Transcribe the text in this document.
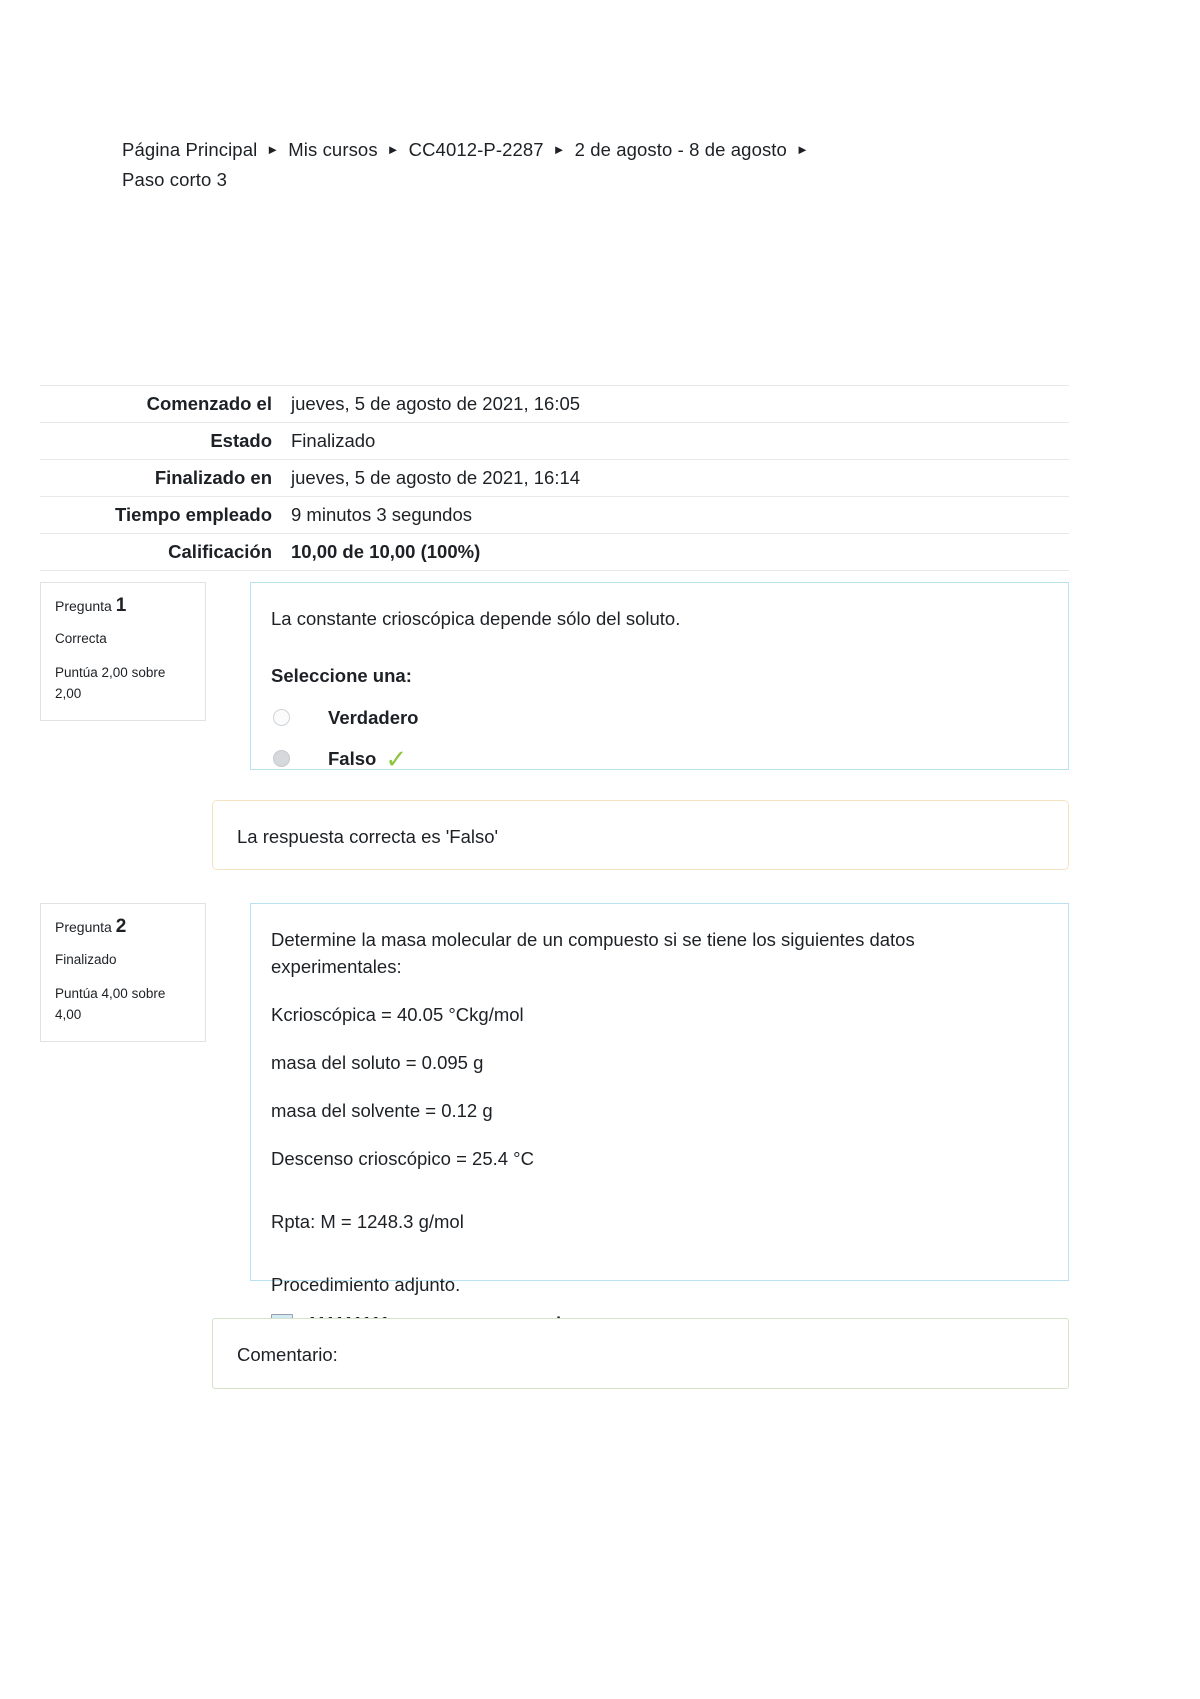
Página Principal ► Mis cursos ► CC4012-P-2287 ► 2 de agosto - 8 de agosto ►Paso corto 3
Comenzado el	jueves, 5 de agosto de 2021, 16:05
Estado	Finalizado
Finalizado en	jueves, 5 de agosto de 2021, 16:14
Tiempo empleado	9 minutos 3 segundos
Calificación	10,00 de 10,00 (100%)
Pregunta 1
Correcta
Puntúa 2,00 sobre 2,00

La constante crioscópica depende sólo del soluto.

Seleccione una:

Verdadero
Falso ✓
La respuesta correcta es 'Falso'
Pregunta 2
Finalizado
Puntúa 4,00 sobre 4,00

Determine la masa molecular de un compuesto si se tiene los siguientes datos experimentales:

Kcrioscópica = 40.05 °Ckg/mol

masa del soluto = 0.095 g

masa del solvente = 0.12 g

Descenso crioscópico = 25.4 °C

Rpta: M = 1248.3 g/mol

Procedimiento adjunto.

Comentario:
